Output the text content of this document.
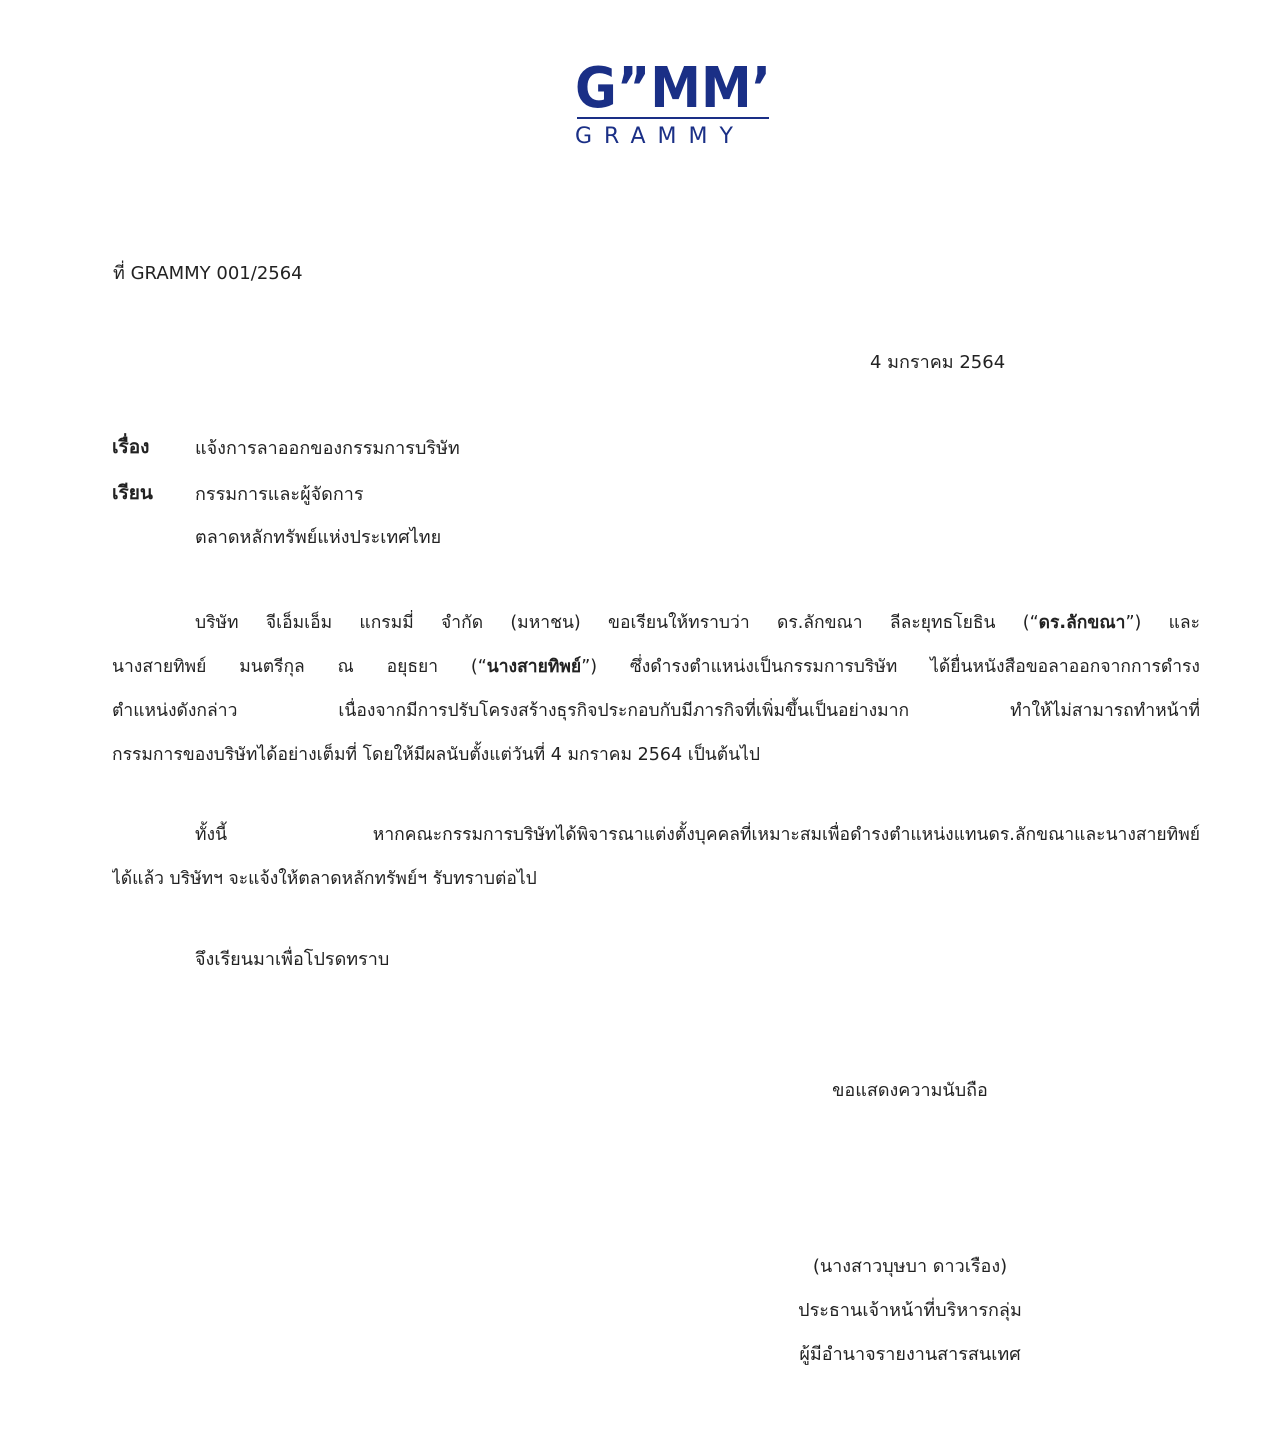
G”MM’
GRAMMY
ที่ GRAMMY 001/2564
4 มกราคม 2564
เรื่อง	แจ้งการลาออกของกรรมการบริษัท
เรียน กรรมการและผู้จัดการ
ตลาดหลักทรัพย์แห่งประเทศไทย
บริษัท จีเอ็มเอ็ม แกรมมี่ จำกัด (มหาชน) ขอเรียนให้ทราบว่า ดร.ลักขณา ลีละยุทธโยธิน (“ดร.ลักขณา”) และ
นางสายทิพย์ มนตรีกุล ณ อยุธยา (“นางสายทิพย์”) ซึ่งดำรงตำแหน่งเป็นกรรมการบริษัท ได้ยื่นหนังสือขอลาออกจากการดำรง
ตำแหน่งดังกล่าว เนื่องจากมีการปรับโครงสร้างธุรกิจประกอบกับมีภารกิจที่เพิ่มขึ้นเป็นอย่างมาก ทำให้ไม่สามารถทำหน้าที่
กรรมการของบริษัทได้อย่างเต็มที่ โดยให้มีผลนับตั้งแต่วันที่ 4 มกราคม 2564 เป็นต้นไป
ทั้งนี้ หากคณะกรรมการบริษัทได้พิจารณาแต่งตั้งบุคคลที่เหมาะสมเพื่อดำรงตำแหน่งแทนดร.ลักขณาและนางสายทิพย์
ได้แล้ว บริษัทฯ จะแจ้งให้ตลาดหลักทรัพย์ฯ รับทราบต่อไป
จึงเรียนมาเพื่อโปรดทราบ
ขอแสดงความนับถือ
(นางสาวบุษบา ดาวเรือง)
ประธานเจ้าหน้าที่บริหารกลุ่ม
ผู้มีอำนาจรายงานสารสนเทศ
